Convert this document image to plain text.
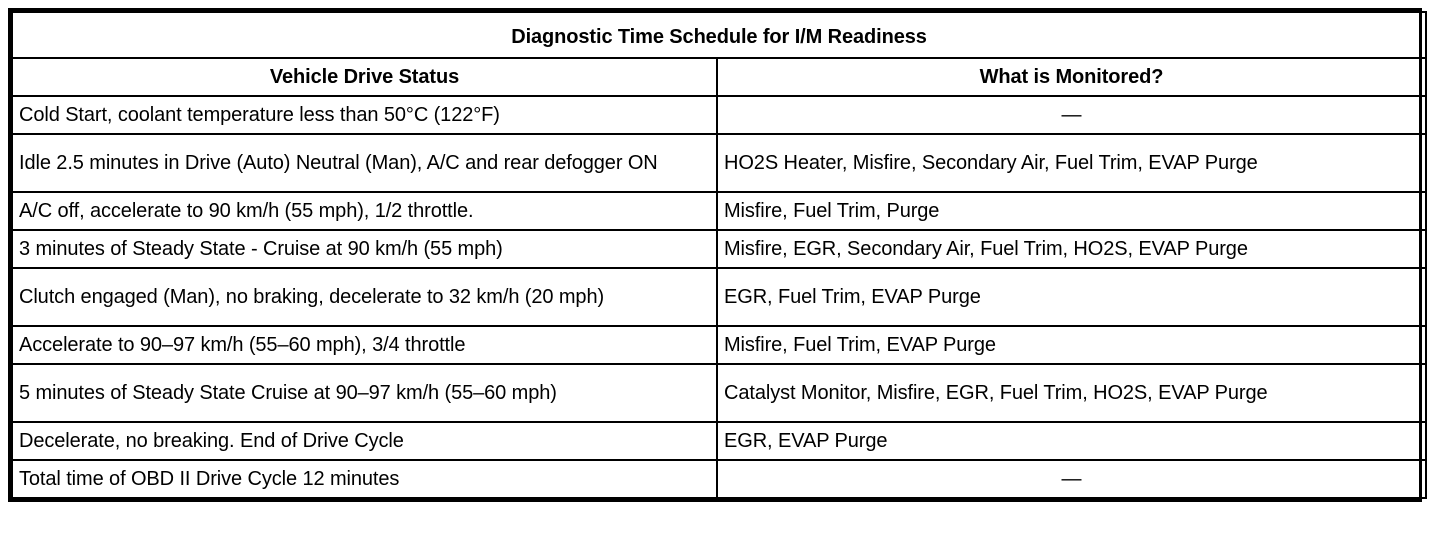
Diagnostic Time Schedule for I/M Readiness	
Vehicle Drive Status	What is Monitored?
Cold Start, coolant temperature less than 50°C (122°F)	—
Idle 2.5 minutes in Drive (Auto) Neutral (Man), A/C and rear defogger ON	HO2S Heater, Misfire, Secondary Air, Fuel Trim, EVAP Purge
A/C off, accelerate to 90 km/h (55 mph), 1/2 throttle.	Misfire, Fuel Trim, Purge
3 minutes of Steady State - Cruise at 90 km/h (55 mph)	Misfire, EGR, Secondary Air, Fuel Trim, HO2S, EVAP Purge
Clutch engaged (Man), no braking, decelerate to 32 km/h (20 mph)	EGR, Fuel Trim, EVAP Purge
Accelerate to 90–97 km/h (55–60 mph), 3/4 throttle	Misfire, Fuel Trim, EVAP Purge
5 minutes of Steady State Cruise at 90–97 km/h (55–60 mph)	Catalyst Monitor, Misfire, EGR, Fuel Trim, HO2S, EVAP Purge
Decelerate, no breaking. End of Drive Cycle	EGR, EVAP Purge
Total time of OBD II Drive Cycle 12 minutes	—
